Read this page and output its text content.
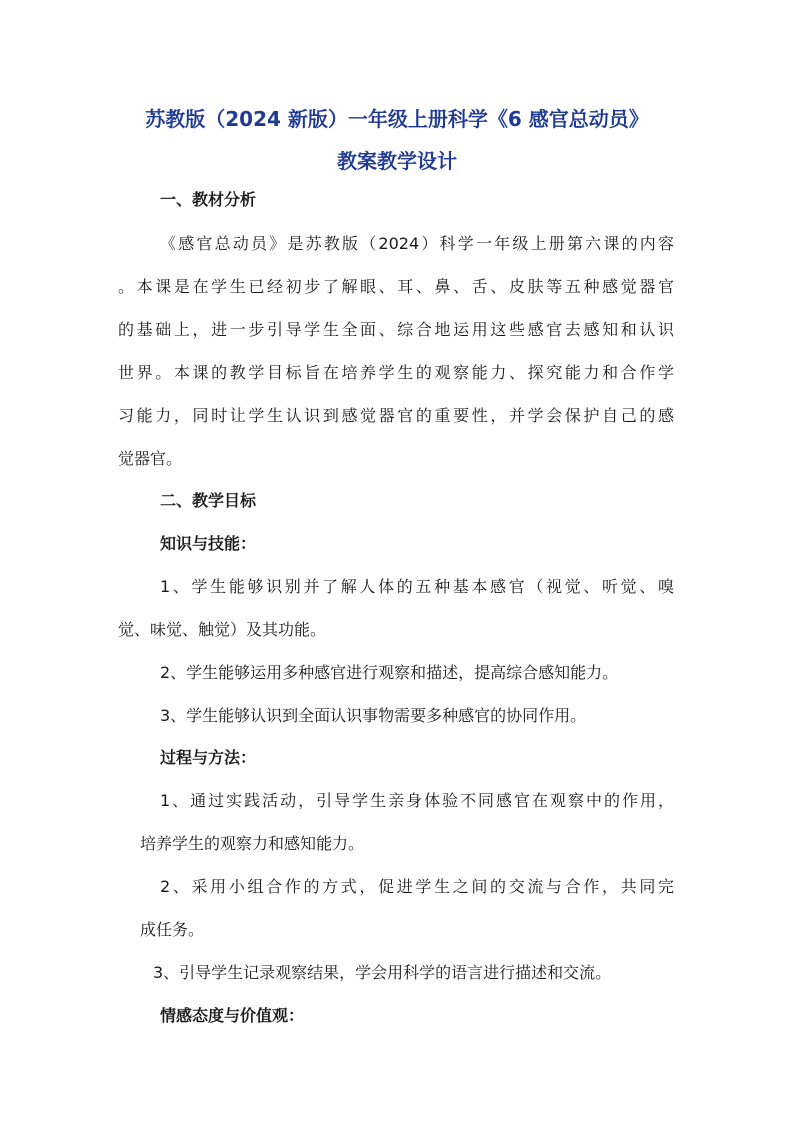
苏教版（2024 新版）一年级上册科学《6 感官总动员》
教案教学设计
一、教材分析
《感官总动员》是苏教版（2024）科学一年级上册第六课的内容
。本课是在学生已经初步了解眼、耳、鼻、舌、皮肤等五种感觉器官
的基础上，进一步引导学生全面、综合地运用这些感官去感知和认识
世界。本课的教学目标旨在培养学生的观察能力、探究能力和合作学
习能力，同时让学生认识到感觉器官的重要性，并学会保护自己的感
觉器官。
二、教学目标
知识与技能：
1、学生能够识别并了解人体的五种基本感官（视觉、听觉、嗅
觉、味觉、触觉）及其功能。
2、学生能够运用多种感官进行观察和描述，提高综合感知能力。
3、学生能够认识到全面认识事物需要多种感官的协同作用。
过程与方法：
1、通过实践活动，引导学生亲身体验不同感官在观察中的作用，
培养学生的观察力和感知能力。
2、采用小组合作的方式，促进学生之间的交流与合作，共同完
成任务。
3、引导学生记录观察结果，学会用科学的语言进行描述和交流。
情感态度与价值观：
